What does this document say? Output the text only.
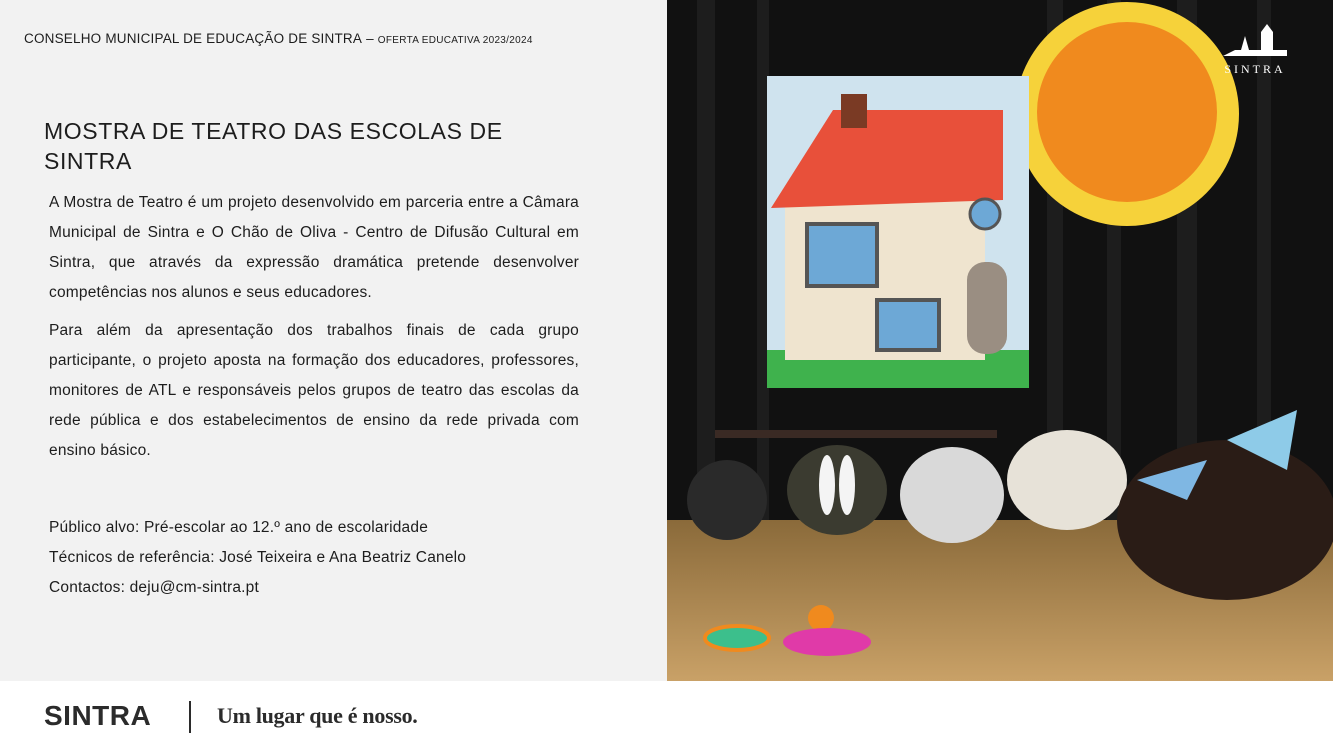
CONSELHO MUNICIPAL DE EDUCAÇÃO DE SINTRA – OFERTA EDUCATIVA 2023/2024
MOSTRA DE TEATRO DAS ESCOLAS DE SINTRA

A Mostra de Teatro é um projeto desenvolvido em parceria entre a Câmara Municipal de Sintra e O Chão de Oliva - Centro de Difusão Cultural em Sintra, que através da expressão dramática pretende desenvolver competências nos alunos e seus educadores.

Para além da apresentação dos trabalhos finais de cada grupo participante, o projeto aposta na formação dos educadores, professores, monitores de ATL e responsáveis pelos grupos de teatro das escolas da rede pública e dos estabelecimentos de ensino da rede privada com ensino básico.

Público alvo: Pré-escolar ao 12.º ano de escolaridade
Técnicos de referência: José Teixeira e Ana Beatriz Canelo
Contactos: deju@cm-sintra.pt
SINTRA
SINTRA	Um lugar que é nosso.
